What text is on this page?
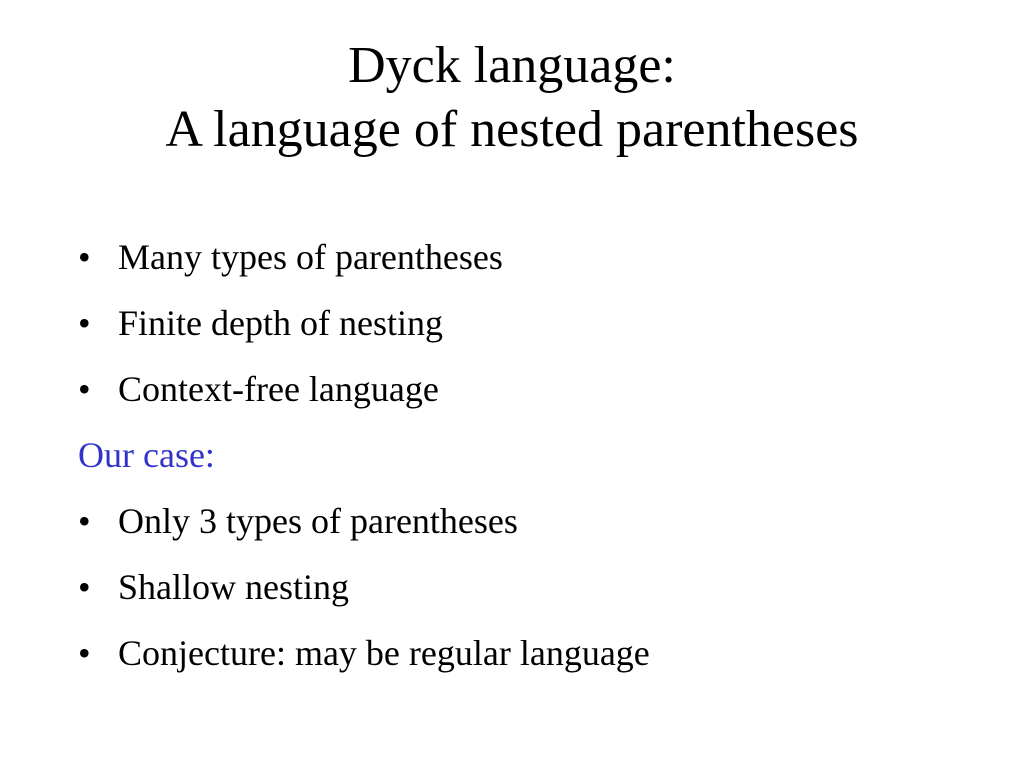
Dyck language:
A language of nested parentheses
• Many types of parentheses
• Finite depth of nesting
• Context-free language
Our case:
• Only 3 types of parentheses
• Shallow nesting
• Conjecture: may be regular language
